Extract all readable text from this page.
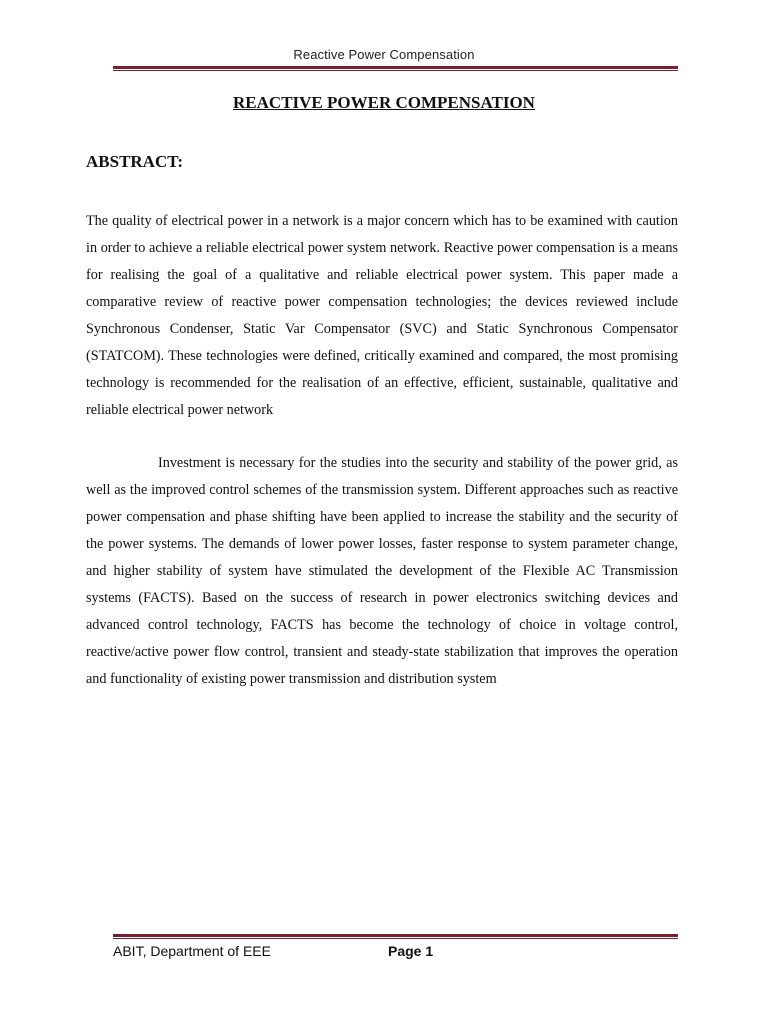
Reactive Power Compensation
REACTIVE POWER COMPENSATION
ABSTRACT:
The quality of electrical power in a network is a major concern which has to be examined with caution in order to achieve a reliable electrical power system network. Reactive power compensation is a means for realising the goal of a qualitative and reliable electrical power system. This paper made a comparative review of reactive power compensation technologies; the devices reviewed include Synchronous Condenser, Static Var Compensator (SVC) and Static Synchronous Compensator (STATCOM). These technologies were defined, critically examined and compared, the most promising technology is recommended for the realisation of an effective, efficient, sustainable, qualitative and reliable electrical power network
Investment is necessary for the studies into the security and stability of the power grid, as well as the improved control schemes of the transmission system. Different approaches such as reactive power compensation and phase shifting have been applied to increase the stability and the security of the power systems. The demands of lower power losses, faster response to system parameter change, and higher stability of system have stimulated the development of the Flexible AC Transmission systems (FACTS). Based on the success of research in power electronics switching devices and advanced control technology, FACTS has become the technology of choice in voltage control, reactive/active power flow control, transient and steady-state stabilization that improves the operation and functionality of existing power transmission and distribution system
ABIT, Department of EEE	Page 1
